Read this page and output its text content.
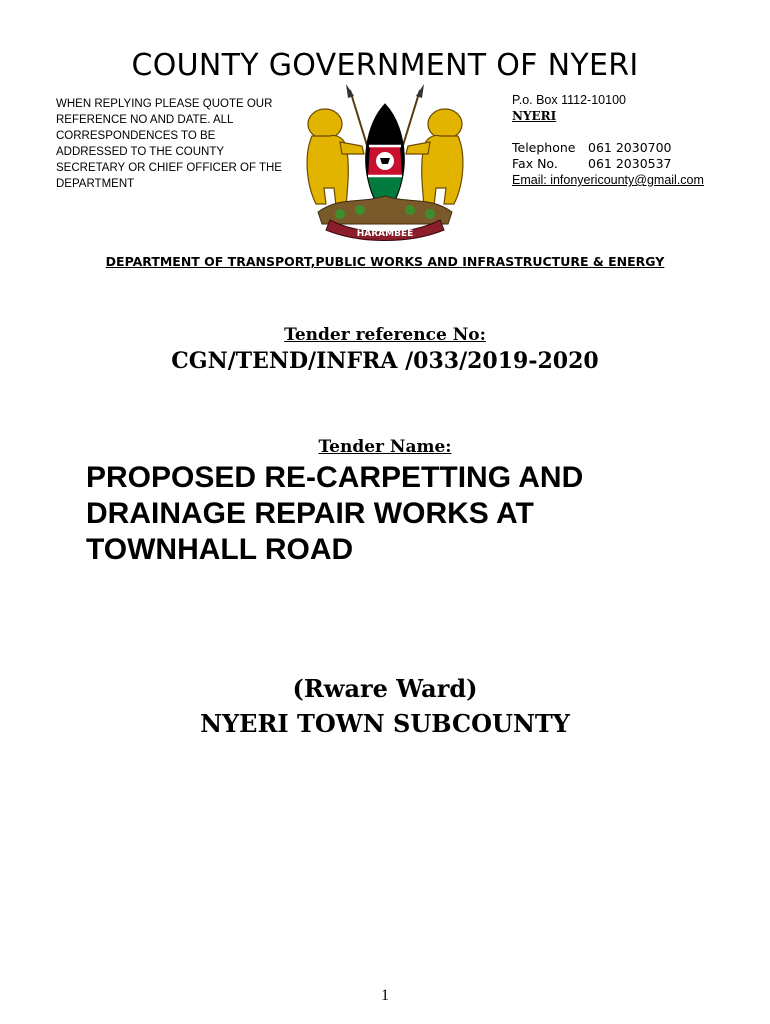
COUNTY GOVERNMENT OF NYERI
WHEN REPLYING PLEASE QUOTE OUR REFERENCE NO AND DATE. ALL CORRESPONDENCES TO BE ADDRESSED TO THE COUNTY SECRETARY OR CHIEF OFFICER OF THE DEPARTMENT
HARAMBEE
P.o. Box 1112-10100
NYERI
Telephone 061 2030700
Fax No. 061 2030537
Email: infonyericounty@gmail.com
DEPARTMENT OF TRANSPORT,PUBLIC WORKS AND INFRASTRUCTURE & ENERGY
Tender reference No:
CGN/TEND/INFRA /033/2019-2020
Tender Name:
PROPOSED RE-CARPETTING AND
DRAINAGE REPAIR WORKS AT
TOWNHALL ROAD
(Rware Ward)
NYERI TOWN SUBCOUNTY
1
